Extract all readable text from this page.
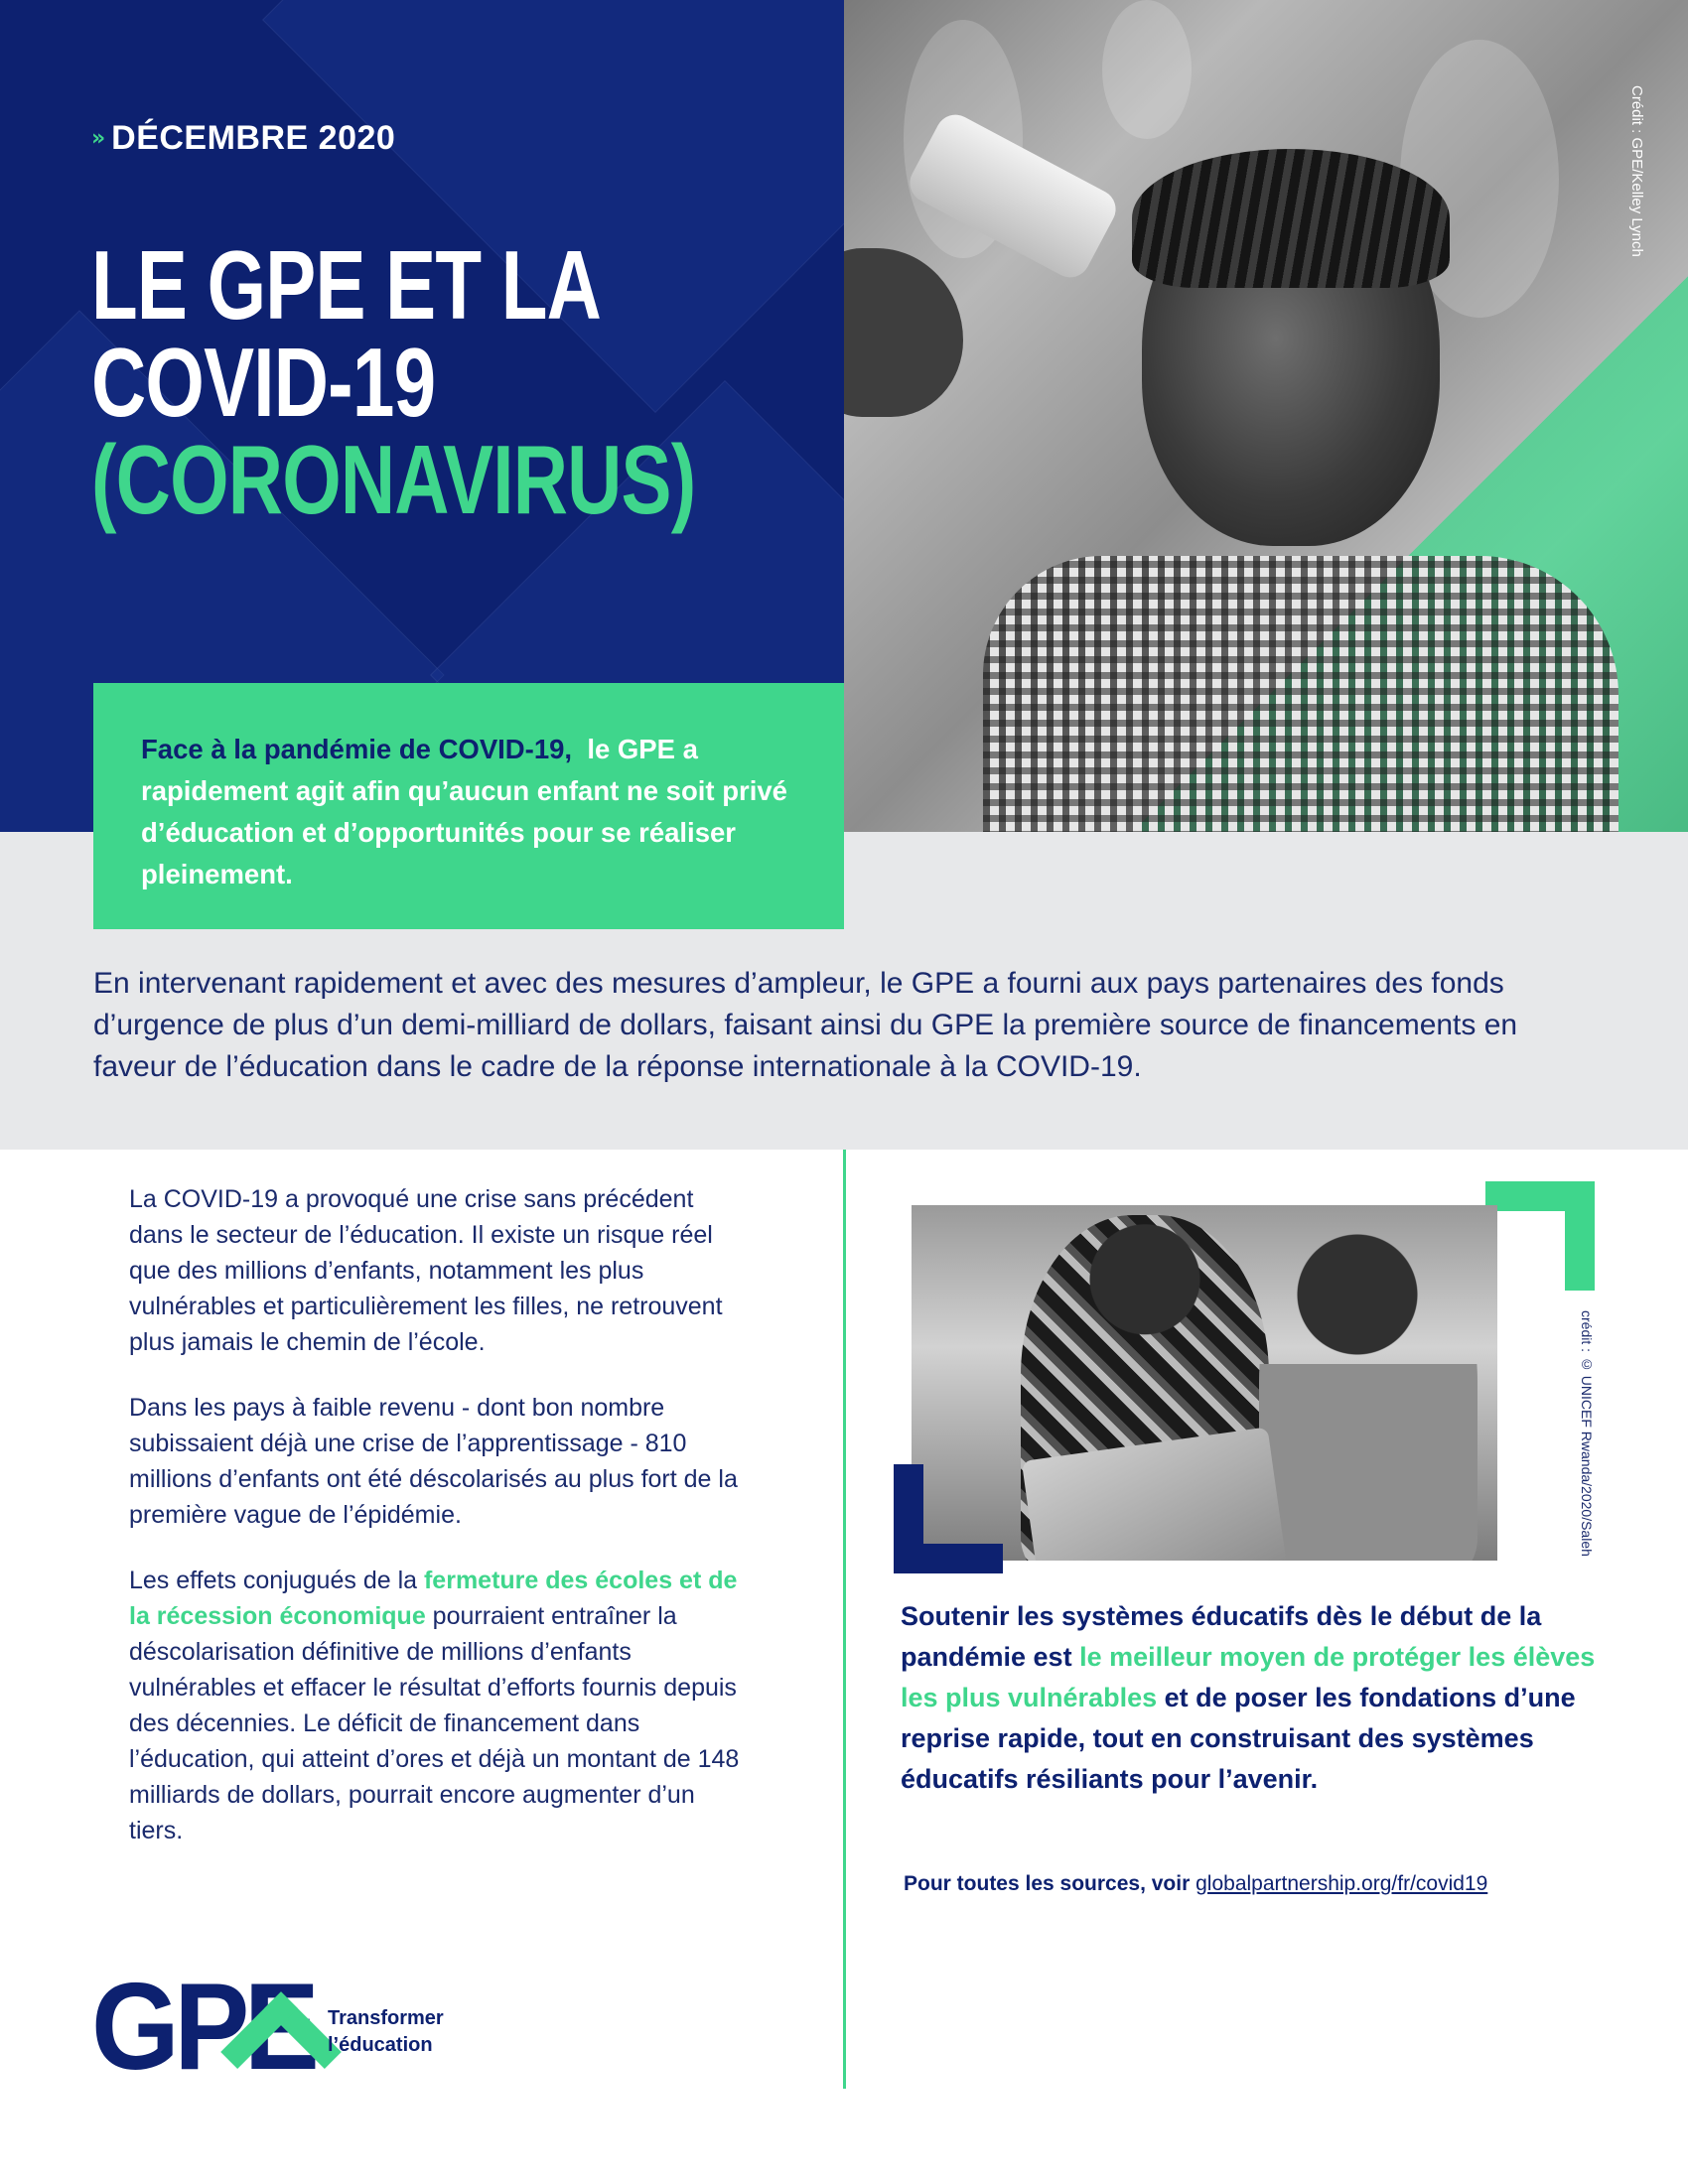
›› DÉCEMBRE 2020
LE GPE ET LA
COVID-19
(CORONAVIRUS)
Crédit : GPE/Kelley Lynch

Face à la pandémie de COVID-19, le GPE a rapidement agit afin qu’aucun enfant ne soit privé d’éducation et d’opportunités pour se réaliser pleinement.

En intervenant rapidement et avec des mesures d’ampleur, le GPE a fourni aux pays partenaires des fonds d’urgence de plus d’un demi-milliard de dollars, faisant ainsi du GPE la première source de financements en faveur de l’éducation dans le cadre de la réponse internationale à la COVID-19.

La COVID-19 a provoqué une crise sans précédent dans le secteur de l’éducation. Il existe un risque réel que des millions d’enfants, notamment les plus vulnérables et particulièrement les filles, ne retrouvent plus jamais le chemin de l’école.

Dans les pays à faible revenu - dont bon nombre subissaient déjà une crise de l’apprentissage - 810 millions d’enfants ont été déscolarisés au plus fort de la première vague de l’épidémie.

Les effets conjugués de la fermeture des écoles et de la récession économique pourraient entraîner la déscolarisation définitive de millions d’enfants vulnérables et effacer le résultat d’efforts fournis depuis des décennies. Le déficit de financement dans l’éducation, qui atteint d’ores et déjà un montant de 148 milliards de dollars, pourrait encore augmenter d’un tiers.

crédit : © UNICEF Rwanda/2020/Saleh

Soutenir les systèmes éducatifs dès le début de la pandémie est le meilleur moyen de protéger les élèves les plus vulnérables et de poser les fondations d’une reprise rapide, tout en construisant des systèmes éducatifs résiliants pour l’avenir.

Pour toutes les sources, voir globalpartnership.org/fr/covid19

GPE Transformer
l’éducation
